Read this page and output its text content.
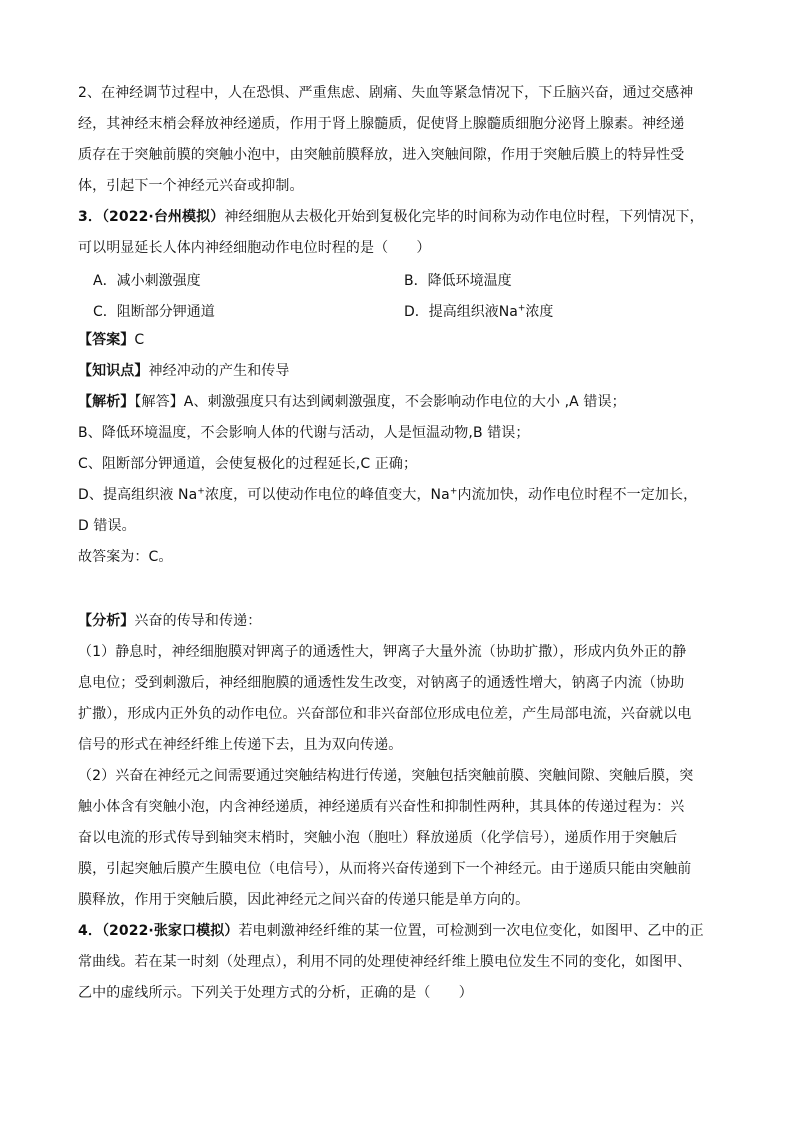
2、在神经调节过程中，人在恐惧、严重焦虑、剧痛、失血等紧急情况下，下丘脑兴奋，通过交感神
经，其神经末梢会释放神经递质，作用于肾上腺髓质，促使肾上腺髓质细胞分泌肾上腺素。神经递
质存在于突触前膜的突触小泡中，由突触前膜释放，进入突触间隙，作用于突触后膜上的特异性受
体，引起下一个神经元兴奋或抑制。
3．（2022·台州模拟）神经细胞从去极化开始到复极化完毕的时间称为动作电位时程，下列情况下，
可以明显延长人体内神经细胞动作电位时程的是（　　）
A．减小刺激强度	B．降低环境温度
C．阻断部分钾通道	D．提高组织液Na+浓度
【答案】C
【知识点】神经冲动的产生和传导
【解析】【解答】A、刺激强度只有达到阈刺激强度，不会影响动作电位的大小 ,A 错误；
B、降低环境温度，不会影响人体的代谢与活动，人是恒温动物,B 错误；
C、阻断部分钾通道，会使复极化的过程延长,C 正确；
D、提高组织液 Na+浓度，可以使动作电位的峰值变大，Na+内流加快，动作电位时程不一定加长，
D 错误。
故答案为：C。
【分析】兴奋的传导和传递：
（1）静息时，神经细胞膜对钾离子的通透性大，钾离子大量外流（协助扩撒），形成内负外正的静
息电位；受到刺激后，神经细胞膜的通透性发生改变，对钠离子的通透性增大，钠离子内流（协助
扩撒），形成内正外负的动作电位。兴奋部位和非兴奋部位形成电位差，产生局部电流，兴奋就以电
信号的形式在神经纤维上传递下去，且为双向传递。
（2）兴奋在神经元之间需要通过突触结构进行传递，突触包括突触前膜、突触间隙、突触后膜，突
触小体含有突触小泡，内含神经递质，神经递质有兴奋性和抑制性两种，其具体的传递过程为：兴
奋以电流的形式传导到轴突末梢时，突触小泡（胞吐）释放递质（化学信号），递质作用于突触后
膜，引起突触后膜产生膜电位（电信号），从而将兴奋传递到下一个神经元。由于递质只能由突触前
膜释放，作用于突触后膜，因此神经元之间兴奋的传递只能是单方向的。
4．（2022·张家口模拟）若电刺激神经纤维的某一位置，可检测到一次电位变化，如图甲、乙中的正
常曲线。若在某一时刻（处理点），利用不同的处理使神经纤维上膜电位发生不同的变化，如图甲、
乙中的虚线所示。下列关于处理方式的分析，正确的是（　　）
